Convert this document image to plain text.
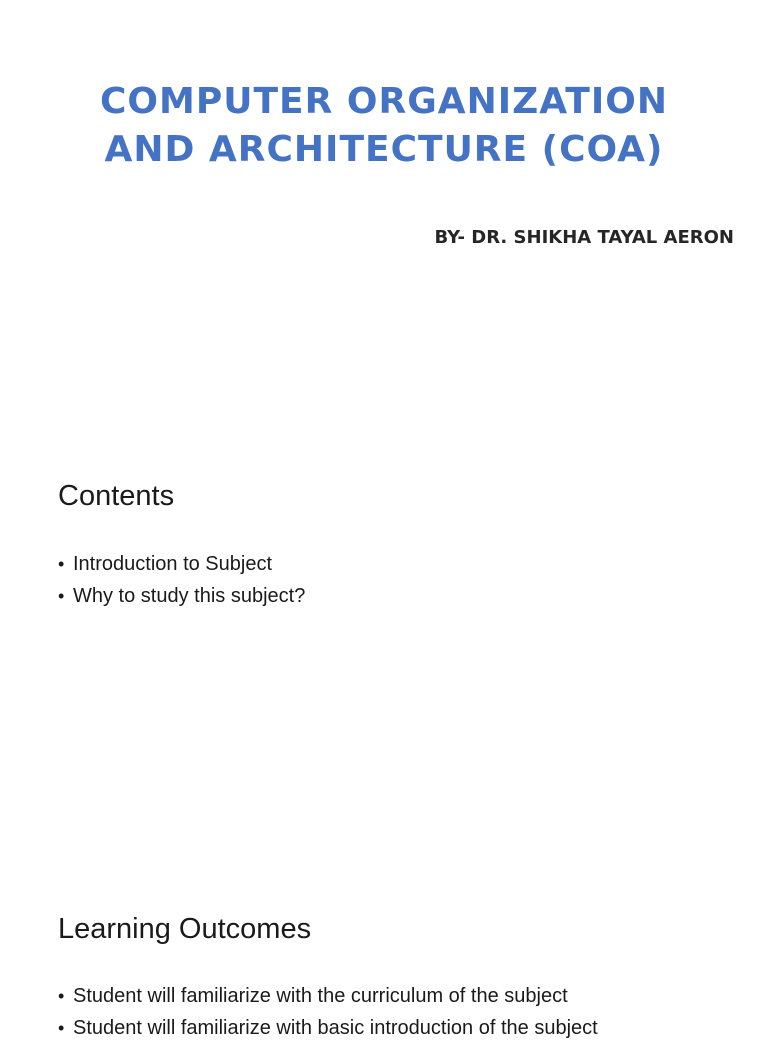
COMPUTER ORGANIZATION
AND ARCHITECTURE (COA)

BY- DR. SHIKHA TAYAL AERON

Contents
• Introduction to Subject
• Why to study this subject?
Learning Outcomes
• Student will familiarize with the curriculum of the subject
• Student will familiarize with basic introduction of the subject
